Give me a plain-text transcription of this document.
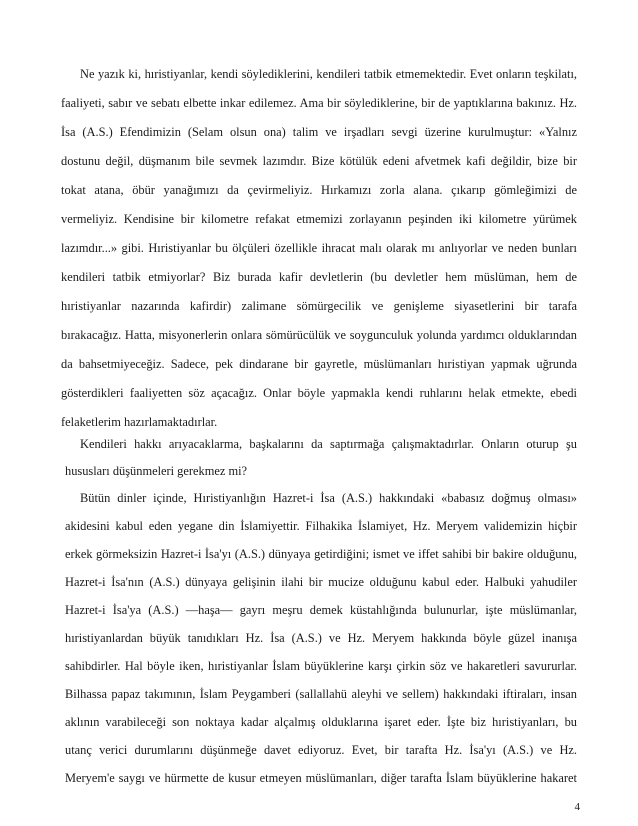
Ne yazık ki, hıristiyanlar, kendi söylediklerini, kendileri tatbik etmemektedir. Evet onların teşkilatı,
faaliyeti, sabır ve sebatı elbette inkar edilemez. Ama bir söylediklerine, bir de yaptıklarına bakınız. Hz.
İsa (A.S.) Efendimizin (Selam olsun ona) talim ve irşadları sevgi üzerine kurulmuştur: «Yalnız
dostunu değil, düşmanım bile sevmek lazımdır. Bize kötülük edeni afvetmek kafi değildir, bize bir
tokat atana, öbür yanağımızı da çevirmeliyiz. Hırkamızı zorla alana. çıkarıp gömleğimizi de
vermeliyiz. Kendisine bir kilometre refakat etmemizi zorlayanın peşinden iki kilometre yürümek
lazımdır...» gibi. Hıristiyanlar bu ölçüleri özellikle ihracat malı olarak mı anlıyorlar ve neden bunları
kendileri tatbik etmiyorlar? Biz burada kafir devletlerin (bu devletler hem müslüman, hem de
hıristiyanlar nazarında kafirdir) zalimane sömürgecilik ve genişleme siyasetlerini bir tarafa
bırakacağız. Hatta, misyonerlerin onlara sömürücülük ve soygunculuk yolunda yardımcı olduklarından
da bahsetmiyeceğiz. Sadece, pek dindarane bir gayretle, müslümanları hıristiyan yapmak uğrunda
gösterdikleri faaliyetten söz açacağız. Onlar böyle yapmakla kendi ruhlarını helak etmekte, ebedi
felaketlerim hazırlamaktadırlar.
Kendileri hakkı arıyacaklarma, başkalarını da saptırmağa çalışmaktadırlar. Onların oturup şu
hususları düşünmeleri gerekmez mi?
Bütün dinler içinde, Hıristiyanlığın Hazret-i İsa (A.S.) hakkındaki «babasız doğmuş olması»
akidesini kabul eden yegane din İslamiyettir. Filhakika İslamiyet, Hz. Meryem validemizin hiçbir
erkek görmeksizin Hazret-i İsa'yı (A.S.) dünyaya getirdiğini; ismet ve iffet sahibi bir bakire olduğunu,
Hazret-i İsa'nın (A.S.) dünyaya gelişinin ilahi bir mucize olduğunu kabul eder. Halbuki yahudiler
Hazret-i İsa'ya (A.S.) —haşa— gayrı meşru demek küstahlığında bulunurlar, işte müslümanlar,
hıristiyanlardan büyük tanıdıkları Hz. İsa (A.S.) ve Hz. Meryem hakkında böyle güzel inanışa
sahibdirler. Hal böyle iken, hıristiyanlar İslam büyüklerine karşı çirkin söz ve hakaretleri savururlar.
Bilhassa papaz takımının, İslam Peygamberi (sallallahü aleyhi ve sellem) hakkındaki iftiraları, insan
aklının varabileceği son noktaya kadar alçalmış olduklarına işaret eder. İşte biz hıristiyanları, bu
utanç verici durumlarını düşünmeğe davet ediyoruz. Evet, bir tarafta Hz. İsa'yı (A.S.) ve Hz.
Meryem'e saygı ve hürmette de kusur etmeyen müslümanları, diğer tarafta İslam büyüklerine hakaret
4
